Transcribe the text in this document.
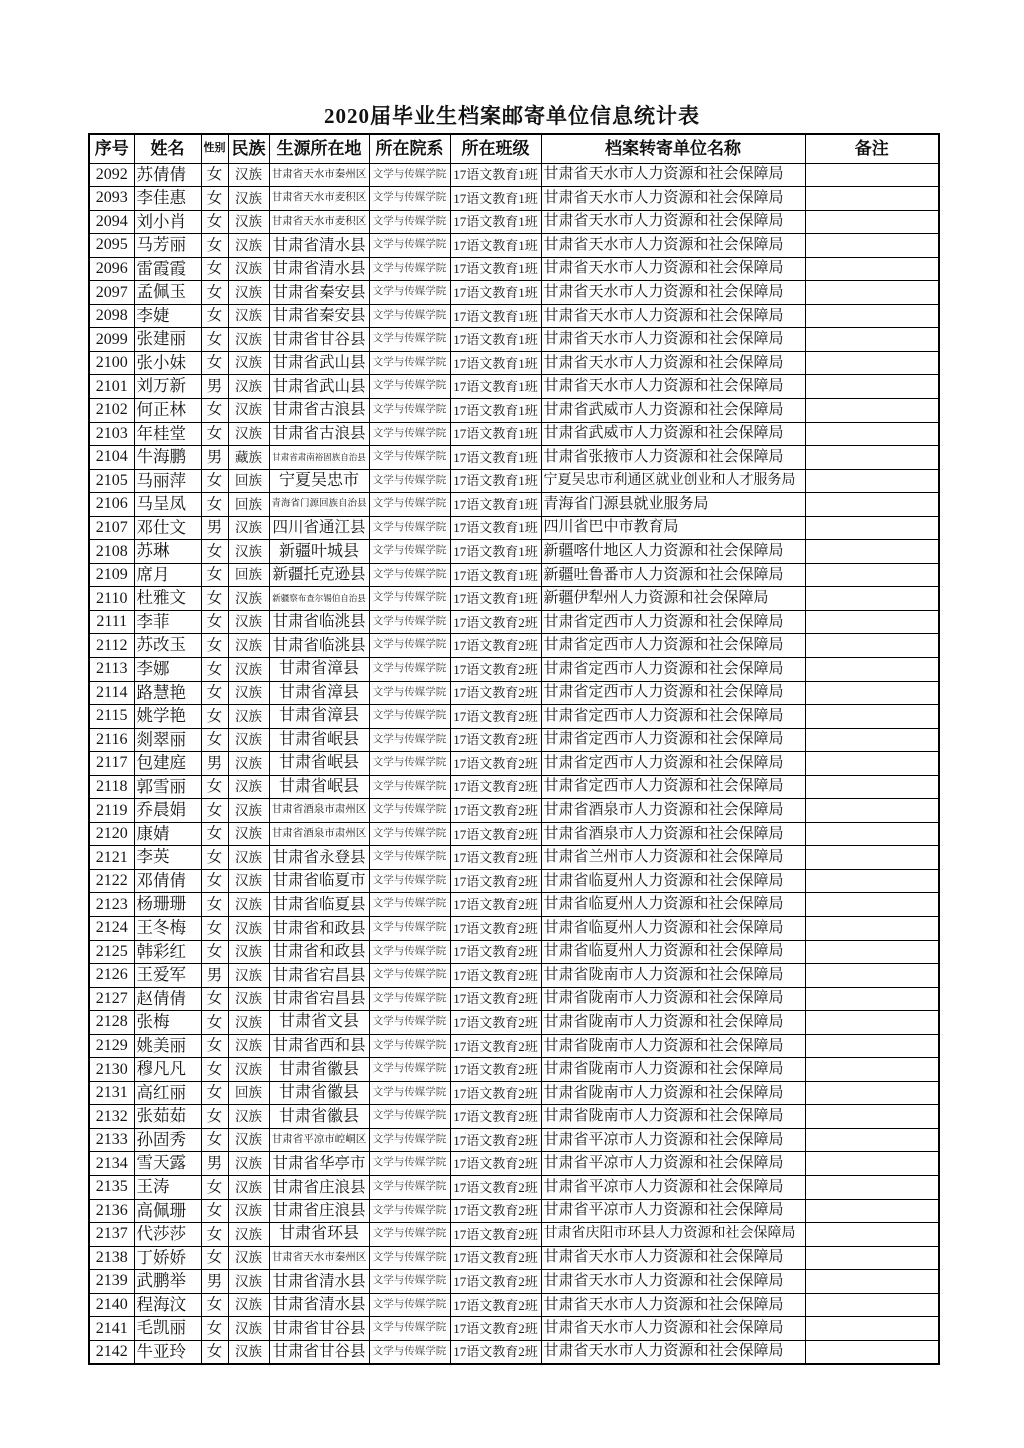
2020届毕业生档案邮寄单位信息统计表
序号	姓名	性别	民族	生源所在地	所在院系	所在班级	档案转寄单位名称	备注
2092	苏倩倩	女	汉族	甘肃省天水市秦州区	文学与传媒学院	17语文教育1班	甘肃省天水市人力资源和社会保障局	
2093	李佳惠	女	汉族	甘肃省天水市麦积区	文学与传媒学院	17语文教育1班	甘肃省天水市人力资源和社会保障局	
2094	刘小肖	女	汉族	甘肃省天水市麦积区	文学与传媒学院	17语文教育1班	甘肃省天水市人力资源和社会保障局	
2095	马芳丽	女	汉族	甘肃省清水县	文学与传媒学院	17语文教育1班	甘肃省天水市人力资源和社会保障局	
2096	雷霞霞	女	汉族	甘肃省清水县	文学与传媒学院	17语文教育1班	甘肃省天水市人力资源和社会保障局	
2097	孟佩玉	女	汉族	甘肃省秦安县	文学与传媒学院	17语文教育1班	甘肃省天水市人力资源和社会保障局	
2098	李婕	女	汉族	甘肃省秦安县	文学与传媒学院	17语文教育1班	甘肃省天水市人力资源和社会保障局	
2099	张建丽	女	汉族	甘肃省甘谷县	文学与传媒学院	17语文教育1班	甘肃省天水市人力资源和社会保障局	
2100	张小妹	女	汉族	甘肃省武山县	文学与传媒学院	17语文教育1班	甘肃省天水市人力资源和社会保障局	
2101	刘万新	男	汉族	甘肃省武山县	文学与传媒学院	17语文教育1班	甘肃省天水市人力资源和社会保障局	
2102	何正林	女	汉族	甘肃省古浪县	文学与传媒学院	17语文教育1班	甘肃省武威市人力资源和社会保障局	
2103	年桂堂	女	汉族	甘肃省古浪县	文学与传媒学院	17语文教育1班	甘肃省武威市人力资源和社会保障局	
2104	牛海鹏	男	藏族	甘肃省肃南裕固族自治县	文学与传媒学院	17语文教育1班	甘肃省张掖市人力资源和社会保障局	
2105	马丽萍	女	回族	宁夏吴忠市	文学与传媒学院	17语文教育1班	宁夏吴忠市利通区就业创业和人才服务局	
2106	马呈凤	女	回族	青海省门源回族自治县	文学与传媒学院	17语文教育1班	青海省门源县就业服务局	
2107	邓仕文	男	汉族	四川省通江县	文学与传媒学院	17语文教育1班	四川省巴中市教育局	
2108	苏琳	女	汉族	新疆叶城县	文学与传媒学院	17语文教育1班	新疆喀什地区人力资源和社会保障局	
2109	席月	女	回族	新疆托克逊县	文学与传媒学院	17语文教育1班	新疆吐鲁番市人力资源和社会保障局	
2110	杜雅文	女	汉族	新疆察布查尔锡伯自治县	文学与传媒学院	17语文教育1班	新疆伊犁州人力资源和社会保障局	
2111	李菲	女	汉族	甘肃省临洮县	文学与传媒学院	17语文教育2班	甘肃省定西市人力资源和社会保障局	
2112	苏改玉	女	汉族	甘肃省临洮县	文学与传媒学院	17语文教育2班	甘肃省定西市人力资源和社会保障局	
2113	李娜	女	汉族	甘肃省漳县	文学与传媒学院	17语文教育2班	甘肃省定西市人力资源和社会保障局	
2114	路慧艳	女	汉族	甘肃省漳县	文学与传媒学院	17语文教育2班	甘肃省定西市人力资源和社会保障局	
2115	姚学艳	女	汉族	甘肃省漳县	文学与传媒学院	17语文教育2班	甘肃省定西市人力资源和社会保障局	
2116	剡翠丽	女	汉族	甘肃省岷县	文学与传媒学院	17语文教育2班	甘肃省定西市人力资源和社会保障局	
2117	包建庭	男	汉族	甘肃省岷县	文学与传媒学院	17语文教育2班	甘肃省定西市人力资源和社会保障局	
2118	郭雪丽	女	汉族	甘肃省岷县	文学与传媒学院	17语文教育2班	甘肃省定西市人力资源和社会保障局	
2119	乔晨娟	女	汉族	甘肃省酒泉市肃州区	文学与传媒学院	17语文教育2班	甘肃省酒泉市人力资源和社会保障局	
2120	康婧	女	汉族	甘肃省酒泉市肃州区	文学与传媒学院	17语文教育2班	甘肃省酒泉市人力资源和社会保障局	
2121	李英	女	汉族	甘肃省永登县	文学与传媒学院	17语文教育2班	甘肃省兰州市人力资源和社会保障局	
2122	邓倩倩	女	汉族	甘肃省临夏市	文学与传媒学院	17语文教育2班	甘肃省临夏州人力资源和社会保障局	
2123	杨珊珊	女	汉族	甘肃省临夏县	文学与传媒学院	17语文教育2班	甘肃省临夏州人力资源和社会保障局	
2124	王冬梅	女	汉族	甘肃省和政县	文学与传媒学院	17语文教育2班	甘肃省临夏州人力资源和社会保障局	
2125	韩彩红	女	汉族	甘肃省和政县	文学与传媒学院	17语文教育2班	甘肃省临夏州人力资源和社会保障局	
2126	王爱军	男	汉族	甘肃省宕昌县	文学与传媒学院	17语文教育2班	甘肃省陇南市人力资源和社会保障局	
2127	赵倩倩	女	汉族	甘肃省宕昌县	文学与传媒学院	17语文教育2班	甘肃省陇南市人力资源和社会保障局	
2128	张梅	女	汉族	甘肃省文县	文学与传媒学院	17语文教育2班	甘肃省陇南市人力资源和社会保障局	
2129	姚美丽	女	汉族	甘肃省西和县	文学与传媒学院	17语文教育2班	甘肃省陇南市人力资源和社会保障局	
2130	穆凡凡	女	汉族	甘肃省徽县	文学与传媒学院	17语文教育2班	甘肃省陇南市人力资源和社会保障局	
2131	高红丽	女	回族	甘肃省徽县	文学与传媒学院	17语文教育2班	甘肃省陇南市人力资源和社会保障局	
2132	张茹茹	女	汉族	甘肃省徽县	文学与传媒学院	17语文教育2班	甘肃省陇南市人力资源和社会保障局	
2133	孙固秀	女	汉族	甘肃省平凉市崆峒区	文学与传媒学院	17语文教育2班	甘肃省平凉市人力资源和社会保障局	
2134	雪天露	男	汉族	甘肃省华亭市	文学与传媒学院	17语文教育2班	甘肃省平凉市人力资源和社会保障局	
2135	王涛	女	汉族	甘肃省庄浪县	文学与传媒学院	17语文教育2班	甘肃省平凉市人力资源和社会保障局	
2136	高佩珊	女	汉族	甘肃省庄浪县	文学与传媒学院	17语文教育2班	甘肃省平凉市人力资源和社会保障局	
2137	代莎莎	女	汉族	甘肃省环县	文学与传媒学院	17语文教育2班	甘肃省庆阳市环县人力资源和社会保障局	
2138	丁娇娇	女	汉族	甘肃省天水市秦州区	文学与传媒学院	17语文教育2班	甘肃省天水市人力资源和社会保障局	
2139	武鹏举	男	汉族	甘肃省清水县	文学与传媒学院	17语文教育2班	甘肃省天水市人力资源和社会保障局	
2140	程海汶	女	汉族	甘肃省清水县	文学与传媒学院	17语文教育2班	甘肃省天水市人力资源和社会保障局	
2141	毛凯丽	女	汉族	甘肃省甘谷县	文学与传媒学院	17语文教育2班	甘肃省天水市人力资源和社会保障局	
2142	牛亚玲	女	汉族	甘肃省甘谷县	文学与传媒学院	17语文教育2班	甘肃省天水市人力资源和社会保障局	
